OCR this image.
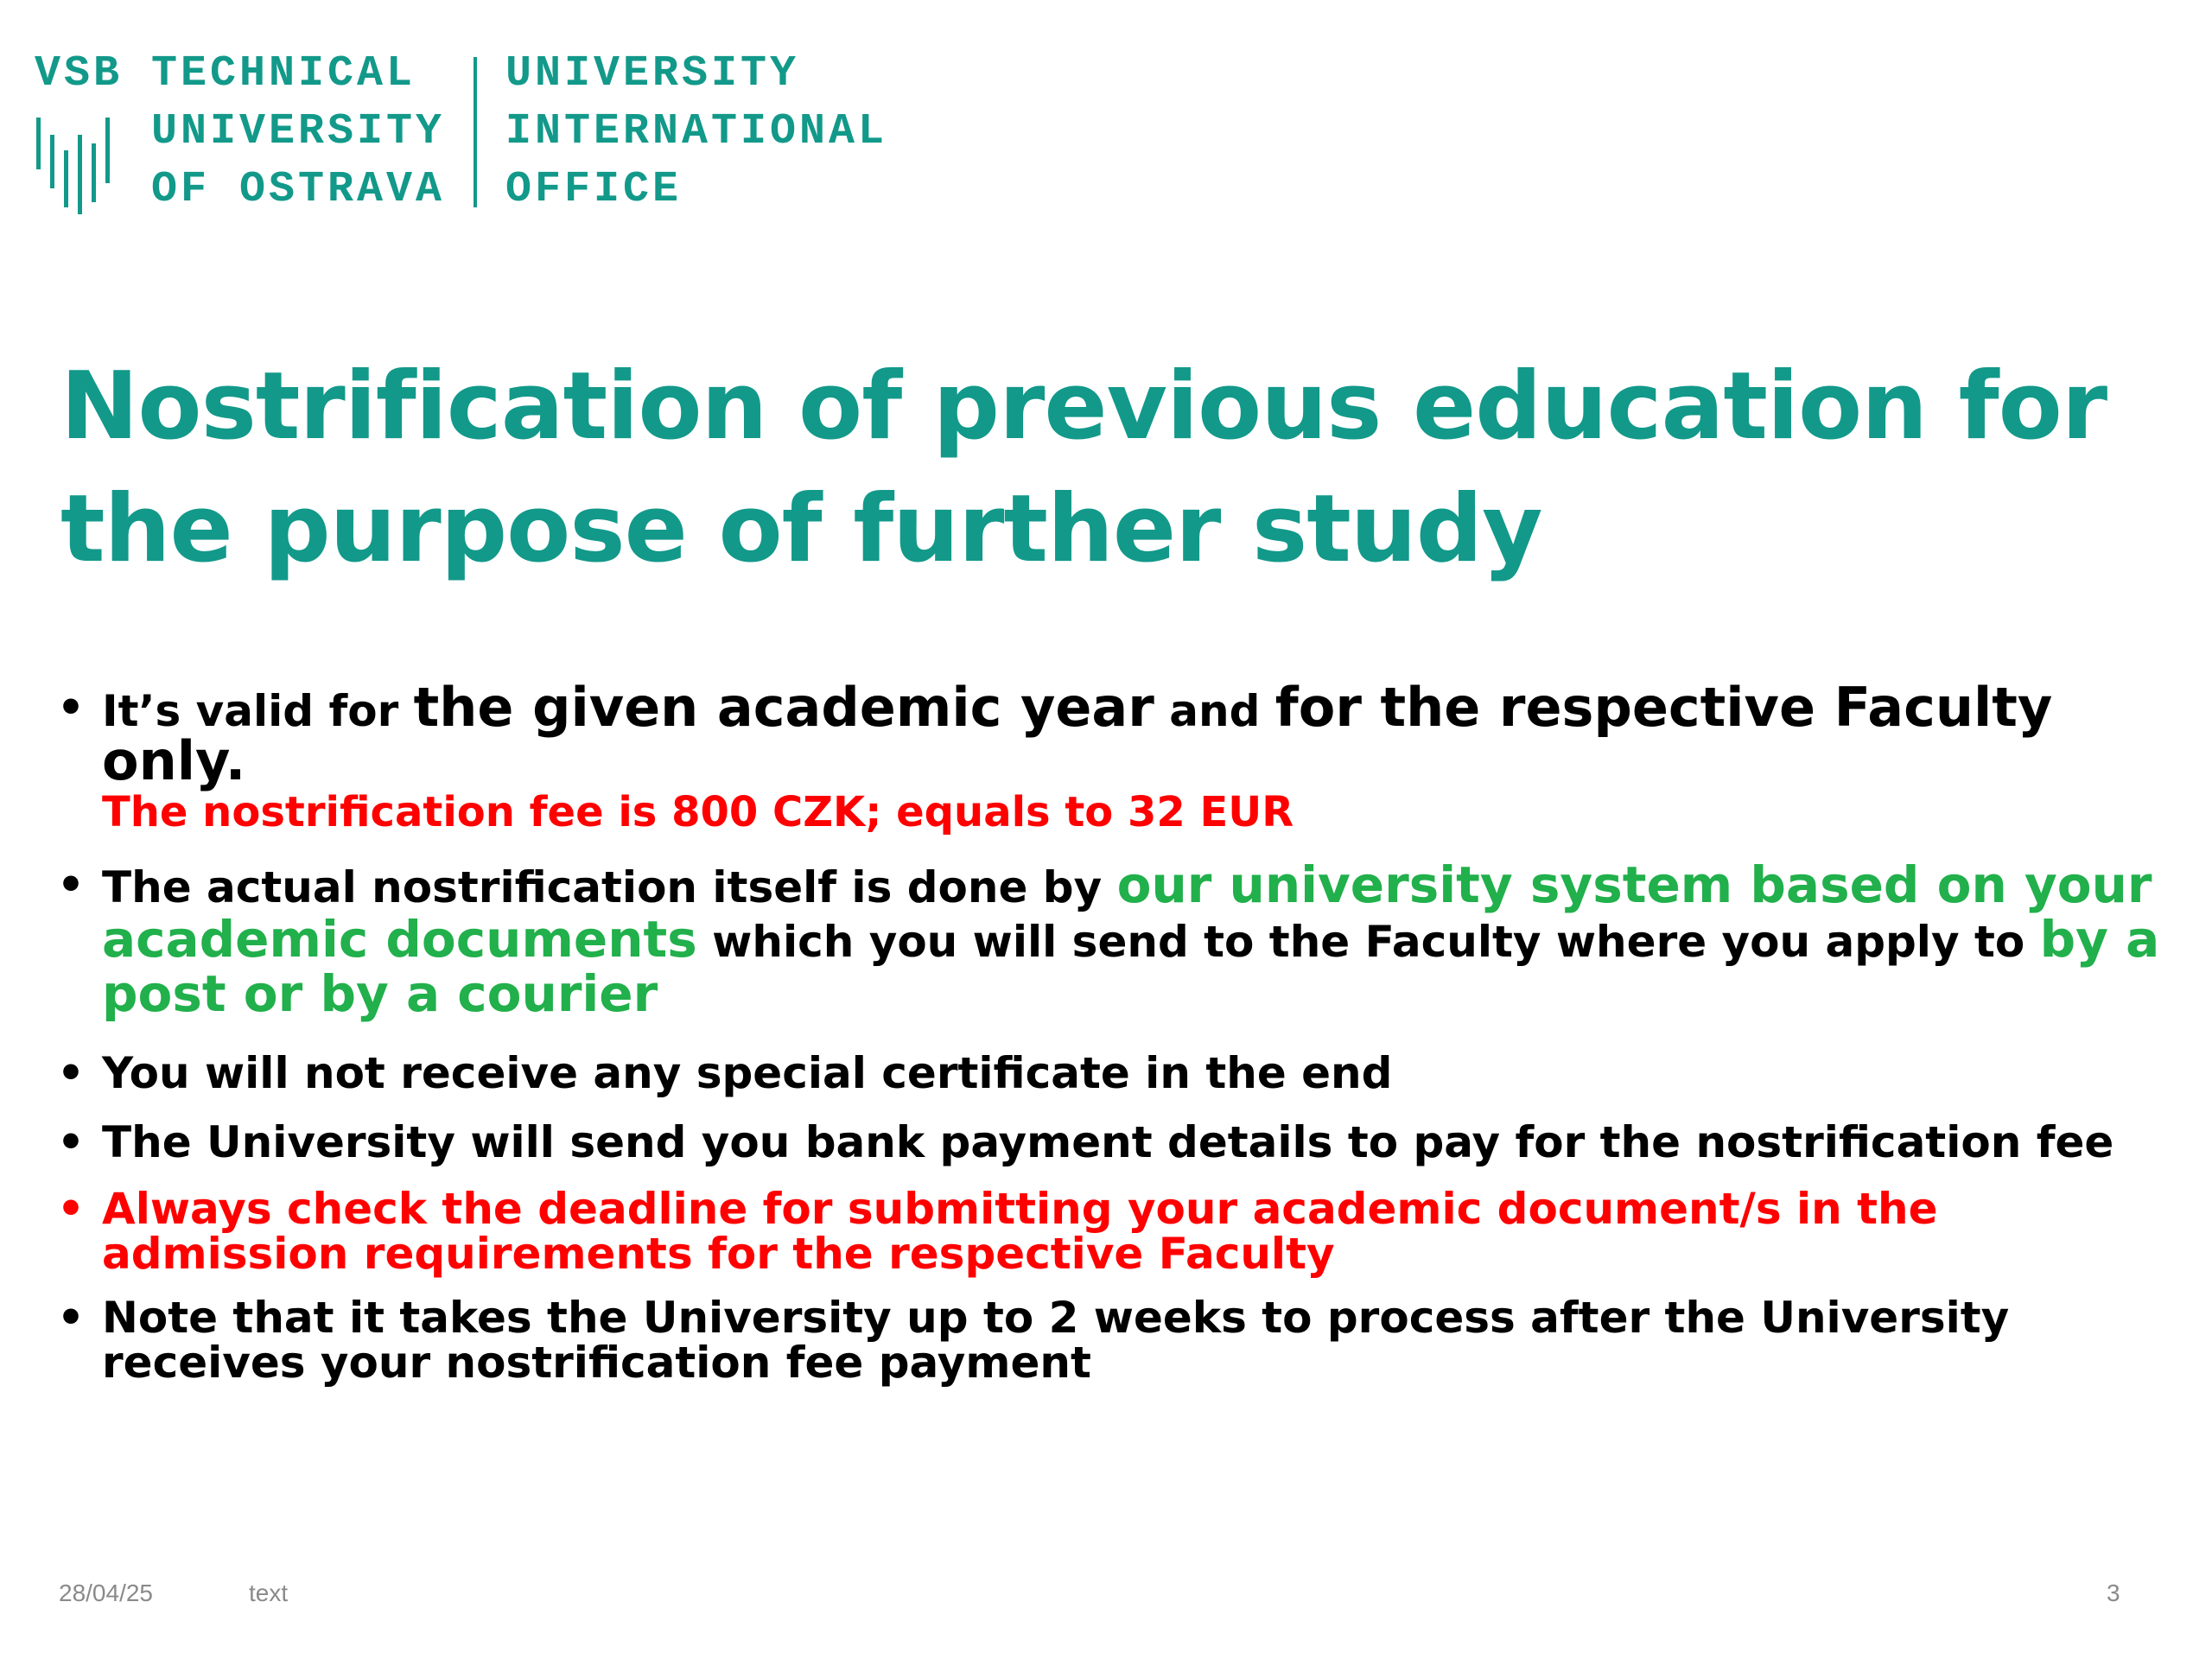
VSB TECHNICAL
UNIVERSITY
OF OSTRAVA
UNIVERSITY
INTERNATIONAL
OFFICE
Nostrification of previous education for the purpose of further study
• It’s valid for the given academic year and for the respective Faculty only.
The nostrification fee is 800 CZK; equals to 32 EUR
• The actual nostrification itself is done by our university system based on your academic documents which you will send to the Faculty where you apply to by a post or by a courier
• You will not receive any special certificate in the end
• The University will send you bank payment details to pay for the nostrification fee
• Always check the deadline for submitting your academic document/s in the admission requirements for the respective Faculty
• Note that it takes the University up to 2 weeks to process after the University receives your nostrification fee payment
28/04/25	text	3
